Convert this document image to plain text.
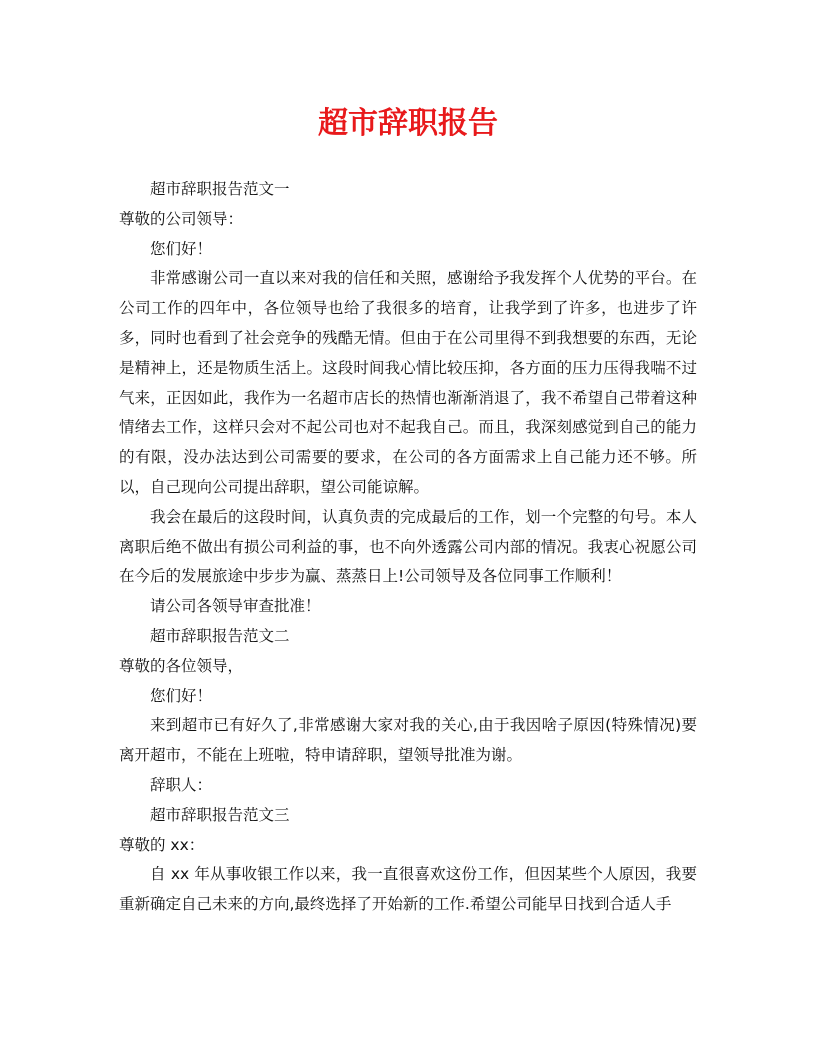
超市辞职报告

超市辞职报告范文一

尊敬的公司领导：

您们好！

非常感谢公司一直以来对我的信任和关照，感谢给予我发挥个人优势的平台。在公司工作的四年中，各位领导也给了我很多的培育，让我学到了许多，也进步了许多，同时也看到了社会竞争的残酷无情。但由于在公司里得不到我想要的东西，无论是精神上，还是物质生活上。这段时间我心情比较压抑，各方面的压力压得我喘不过气来，正因如此，我作为一名超市店长的热情也渐渐消退了，我不希望自己带着这种情绪去工作，这样只会对不起公司也对不起我自己。而且，我深刻感觉到自己的能力的有限，没办法达到公司需要的要求，在公司的各方面需求上自己能力还不够。所以，自己现向公司提出辞职，望公司能谅解。

我会在最后的这段时间，认真负责的完成最后的工作，划一个完整的句号。本人离职后绝不做出有损公司利益的事，也不向外透露公司内部的情况。我衷心祝愿公司在今后的发展旅途中步步为赢、蒸蒸日上!公司领导及各位同事工作顺利！

请公司各领导审查批准！

超市辞职报告范文二

尊敬的各位领导，

您们好！

来到超市已有好久了,非常感谢大家对我的关心,由于我因啥子原因(特殊情况)要离开超市，不能在上班啦，特申请辞职，望领导批准为谢。

辞职人：

超市辞职报告范文三

尊敬的 xx：

自 xx 年从事收银工作以来，我一直很喜欢这份工作，但因某些个人原因，我要重新确定自己未来的方向,最终选择了开始新的工作.希望公司能早日找到合适人手
